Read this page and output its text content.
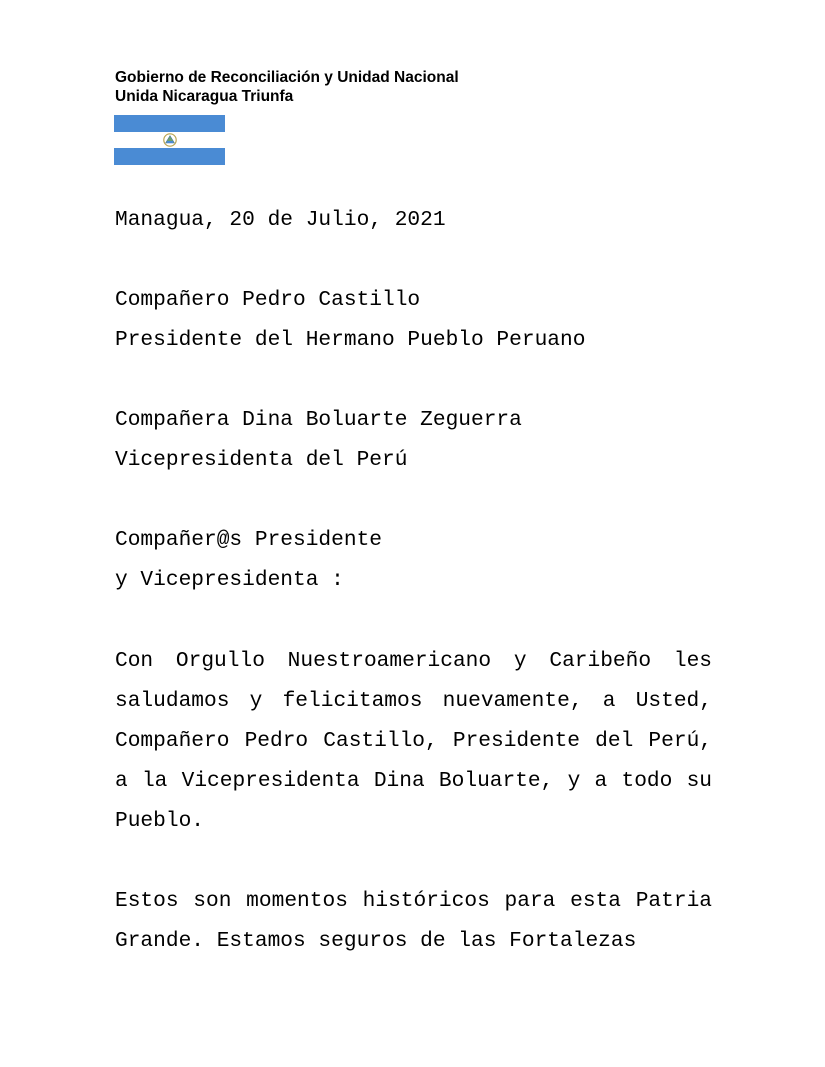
Gobierno de Reconciliación y Unidad Nacional
Unida Nicaragua Triunfa
Managua, 20 de Julio, 2021
Compañero Pedro Castillo
Presidente del Hermano Pueblo Peruano
Compañera Dina Boluarte Zeguerra
Vicepresidenta del Perú
Compañer@s Presidente
y Vicepresidenta :
Con Orgullo Nuestroamericano y Caribeño les saludamos y felicitamos nuevamente, a Usted, Compañero Pedro Castillo, Presidente del Perú, a la Vicepresidenta Dina Boluarte, y a todo su Pueblo.
Estos son momentos históricos para esta Patria Grande. Estamos seguros de las Fortalezas
